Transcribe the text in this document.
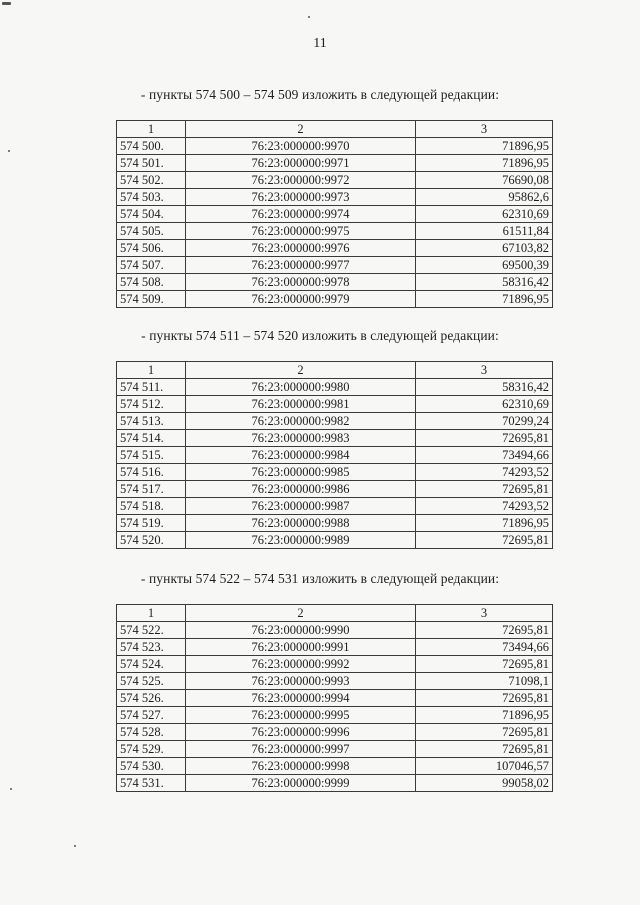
11
- пункты 574 500 – 574 509 изложить в следующей редакции:
1	2	3
574 500.	76:23:000000:9970	71896,95
574 501.	76:23:000000:9971	71896,95
574 502.	76:23:000000:9972	76690,08
574 503.	76:23:000000:9973	95862,6
574 504.	76:23:000000:9974	62310,69
574 505.	76:23:000000:9975	61511,84
574 506.	76:23:000000:9976	67103,82
574 507.	76:23:000000:9977	69500,39
574 508.	76:23:000000:9978	58316,42
574 509.	76:23:000000:9979	71896,95
- пункты 574 511 – 574 520 изложить в следующей редакции:
1	2	3
574 511.	76:23:000000:9980	58316,42
574 512.	76:23:000000:9981	62310,69
574 513.	76:23:000000:9982	70299,24
574 514.	76:23:000000:9983	72695,81
574 515.	76:23:000000:9984	73494,66
574 516.	76:23:000000:9985	74293,52
574 517.	76:23:000000:9986	72695,81
574 518.	76:23:000000:9987	74293,52
574 519.	76:23:000000:9988	71896,95
574 520.	76:23:000000:9989	72695,81
- пункты 574 522 – 574 531 изложить в следующей редакции:
1	2	3
574 522.	76:23:000000:9990	72695,81
574 523.	76:23:000000:9991	73494,66
574 524.	76:23:000000:9992	72695,81
574 525.	76:23:000000:9993	71098,1
574 526.	76:23:000000:9994	72695,81
574 527.	76:23:000000:9995	71896,95
574 528.	76:23:000000:9996	72695,81
574 529.	76:23:000000:9997	72695,81
574 530.	76:23:000000:9998	107046,57
574 531.	76:23:000000:9999	99058,02
